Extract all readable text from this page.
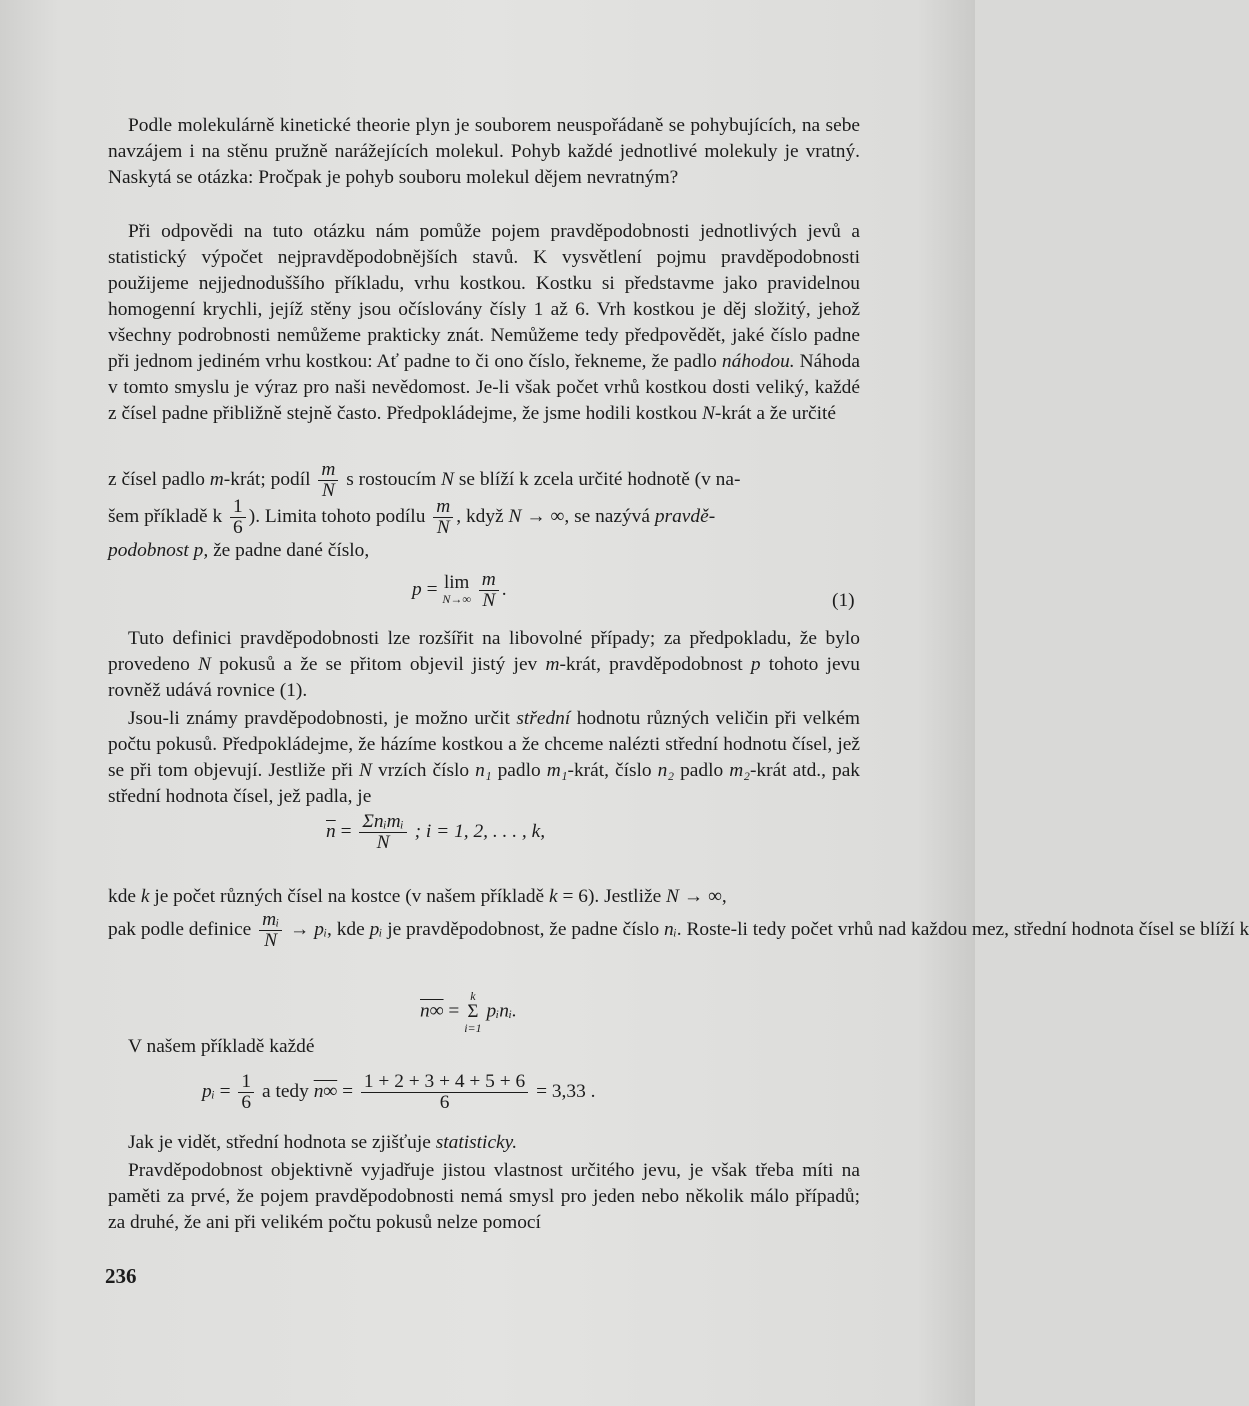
Podle molekulárně kinetické theorie plyn je souborem neuspořádaně se pohybujících, na sebe navzájem i na stěnu pružně narážejících molekul. Pohyb každé jednotlivé molekuly je vratný. Naskytá se otázka: Pročpak je pohyb souboru molekul dějem nevratným?
Při odpovědi na tuto otázku nám pomůže pojem pravděpodobnosti jednotlivých jevů a statistický výpočet nejpravděpodobnějších stavů. K vysvětlení pojmu pravděpodobnosti použijeme nejjednoduššího příkladu, vrhu kostkou. Kostku si představme jako pravidelnou homogenní krychli, jejíž stěny jsou očíslovány čísly 1 až 6. Vrh kostkou je děj složitý, jehož všechny podrobnosti nemůžeme prakticky znát. Nemůžeme tedy předpovědět, jaké číslo padne při jednom jediném vrhu kostkou: Ať padne to či ono číslo, řekneme, že padlo náhodou. Náhoda v tomto smyslu je výraz pro naši nevědomost. Je-li však počet vrhů kostkou dosti veliký, každé z čísel padne přibližně stejně často. Předpokládejme, že jsme hodili kostkou N-krát a že určité
z čísel padlo m-krát; podíl $\frac{m}{N}$ s rostoucím N se blíží k zcela určité hodnotě (v na-
šem příkladě k $\frac{1}{6}$ ). Limita tohoto podílu $\frac{m}{N}$ , když N → ∞, se nazývá pravdě-
podobnost p, že padne dané číslo,
p = lim
N→∞
$\frac{m}{N}$ .
(1)
Tuto definici pravděpodobnosti lze rozšířit na libovolné případy; za předpokladu, že bylo provedeno N pokusů a že se přitom objevil jistý jev m-krát, pravděpodobnost p tohoto jevu rovněž udává rovnice (1).
Jsou-li známy pravděpodobnosti, je možno určit střední hodnotu různých veličin při velkém počtu pokusů. Předpokládejme, že házíme kostkou a že chceme nalézti střední hodnotu čísel, jež se při tom objevují. Jestliže při N vrzích číslo n₁ padlo m₁-krát, číslo n₂ padlo m₂-krát atd., pak střední hodnota čísel, jež padla, je
$\overline{n} = \frac{\text{Σnᵢmᵢ}}{N}$ ; i = 1, 2, . . . , k,
kde k je počet různých čísel na kostce (v našem příkladě k = 6). Jestliže N → ∞,
pak podle definice $\frac{\text{mᵢ}}{N}$ → pᵢ, kde pᵢ je pravděpodobnost, že padne číslo nᵢ. Roste-li tedy počet vrhů nad každou mez, střední hodnota čísel se blíží k
n∞ =
k
Σ
i=1
pᵢnᵢ.
V našem příkladě každé
pᵢ = $\frac{1}{6}$ a tedy $n\infty = \frac{1 + 2 + 3 + 4 + 5 + 6}{6} = 3,33$ .
Jak je vidět, střední hodnota se zjišťuje statisticky.
Pravděpodobnost objektivně vyjadřuje jistou vlastnost určitého jevu, je však třeba míti na paměti za prvé, že pojem pravděpodobnosti nemá smysl pro jeden nebo několik málo případů; za druhé, že ani při velikém počtu pokusů nelze pomocí
236
